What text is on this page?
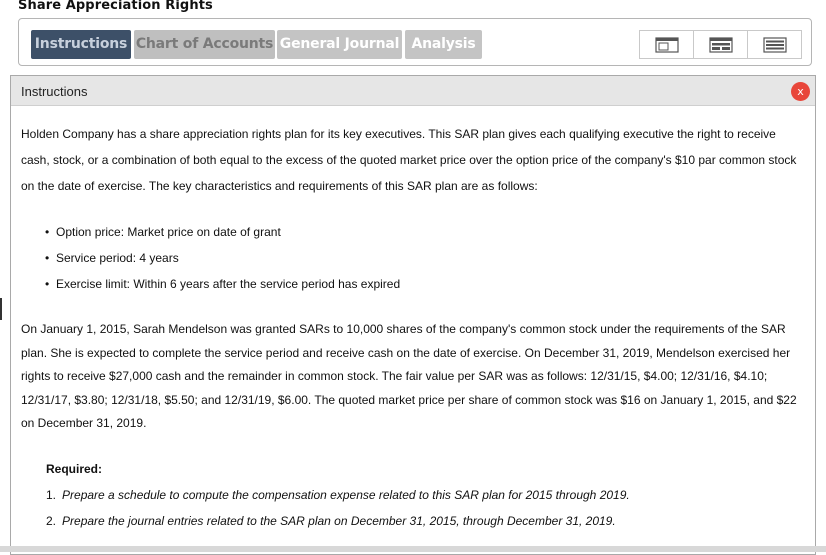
Share Appreciation Rights
Instructions Chart of Accounts General Journal Analysis
Instructions	x

Holden Company has a share appreciation rights plan for its key executives. This SAR plan gives each qualifying executive the right to receive cash, stock, or a combination of both equal to the excess of the quoted market price over the option price of the company's $10 par common stock on the date of exercise. The key characteristics and requirements of this SAR plan are as follows:

• Option price: Market price on date of grant
• Service period: 4 years
• Exercise limit: Within 6 years after the service period has expired

On January 1, 2015, Sarah Mendelson was granted SARs to 10,000 shares of the company's common stock under the requirements of the SAR plan. She is expected to complete the service period and receive cash on the date of exercise. On December 31, 2019, Mendelson exercised her rights to receive $27,000 cash and the remainder in common stock. The fair value per SAR was as follows: 12/31/15, $4.00; 12/31/16, $4.10; 12/31/17, $3.80; 12/31/18, $5.50; and 12/31/19, $6.00. The quoted market price per share of common stock was $16 on January 1, 2015, and $22 on December 31, 2019.

Required:
1. Prepare a schedule to compute the compensation expense related to this SAR plan for 2015 through 2019.
2. Prepare the journal entries related to the SAR plan on December 31, 2015, through December 31, 2019.
